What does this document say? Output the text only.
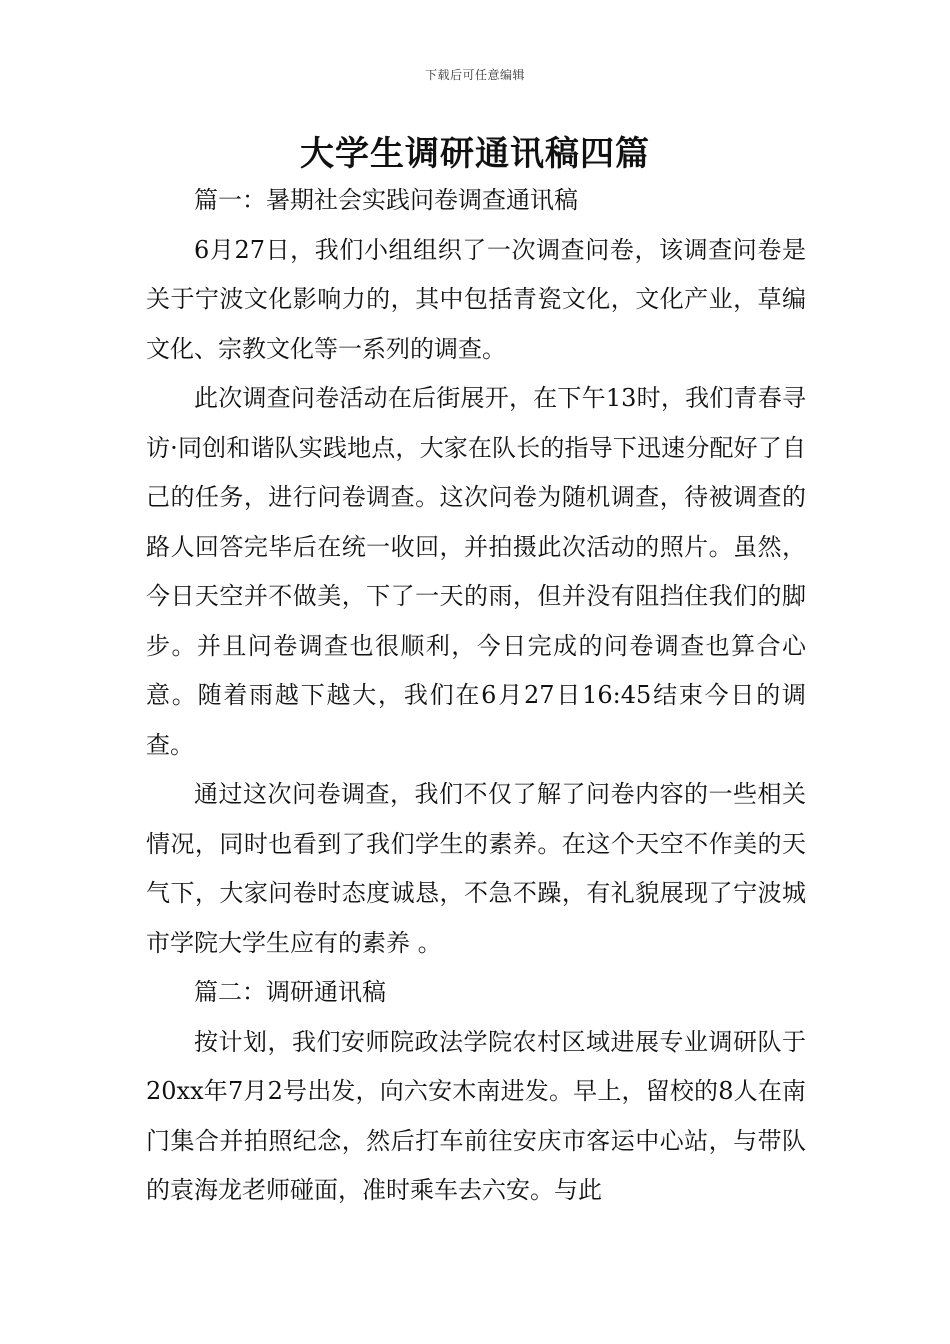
下载后可任意编辑
大学生调研通讯稿四篇

篇一：暑期社会实践问卷调查通讯稿

6月27日，我们小组组织了一次调查问卷，该调查问卷是关于宁波文化影响力的，其中包括青瓷文化，文化产业，草编文化、宗教文化等一系列的调查。

此次调查问卷活动在后街展开，在下午13时，我们青春寻访·同创和谐队实践地点，大家在队长的指导下迅速分配好了自己的任务，进行问卷调查。这次问卷为随机调查，待被调查的路人回答完毕后在统一收回，并拍摄此次活动的照片。虽然，今日天空并不做美，下了一天的雨，但并没有阻挡住我们的脚步。并且问卷调查也很顺利，今日完成的问卷调查也算合心意。随着雨越下越大，我们在6月27日16:45结束今日的调查。

通过这次问卷调查，我们不仅了解了问卷内容的一些相关情况，同时也看到了我们学生的素养。在这个天空不作美的天气下，大家问卷时态度诚恳，不急不躁，有礼貌展现了宁波城市学院大学生应有的素养 。

篇二：调研通讯稿

按计划，我们安师院政法学院农村区域进展专业调研队于20xx年7月2号出发，向六安木南进发。早上，留校的8人在南门集合并拍照纪念，然后打车前往安庆市客运中心站，与带队的袁海龙老师碰面，准时乘车去六安。与此
